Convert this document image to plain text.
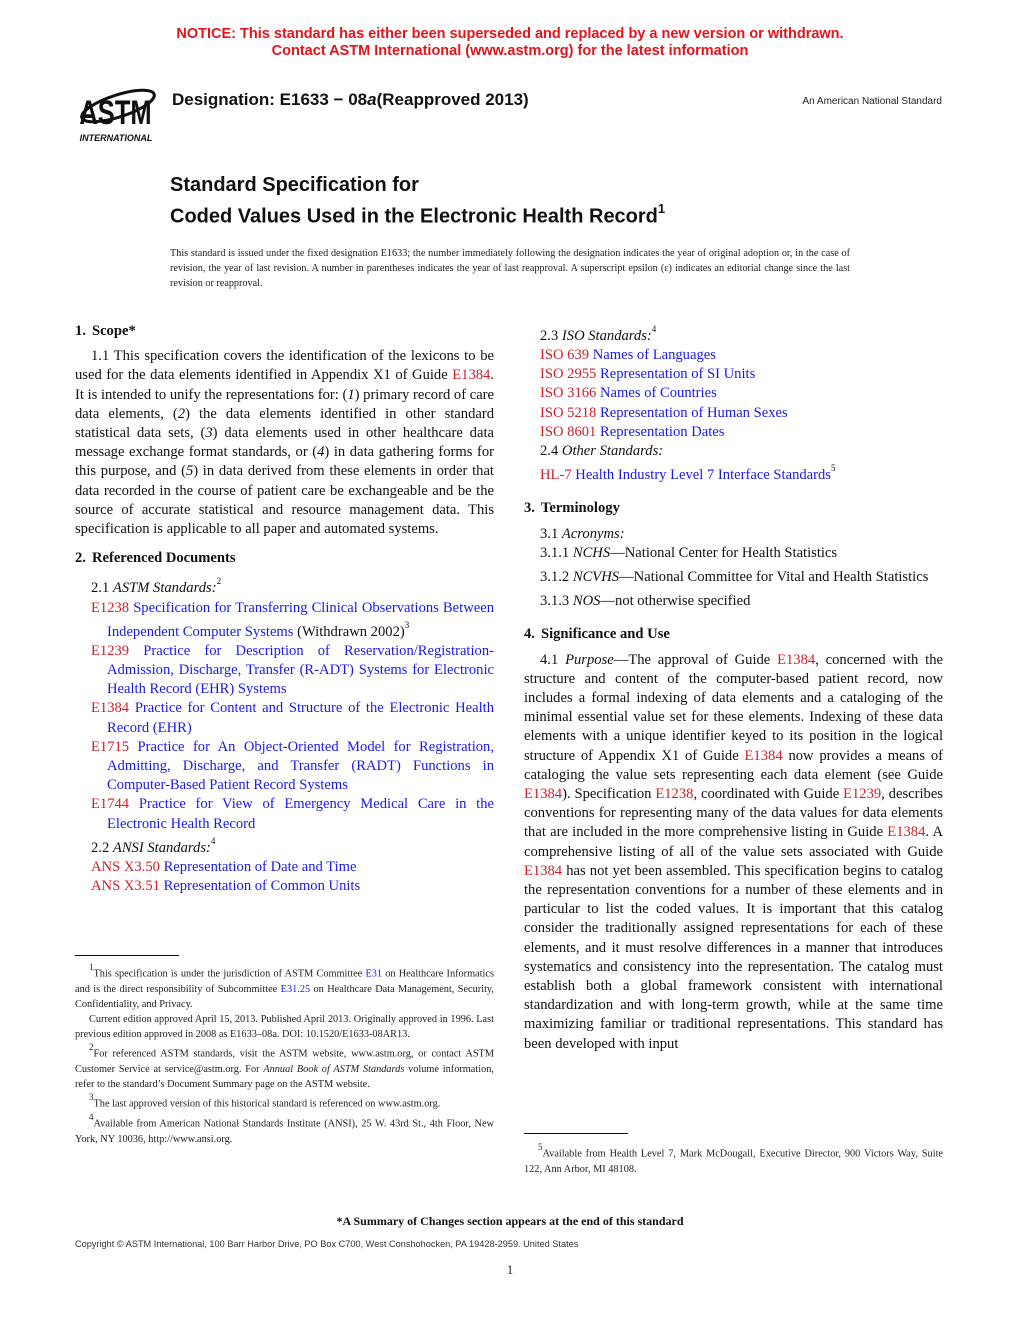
NOTICE: This standard has either been superseded and replaced by a new version or withdrawn.
Contact ASTM International (www.astm.org) for the latest information
ASTM
INTERNATIONAL
Designation: E1633 − 08a(Reapproved 2013)	An American National Standard
Standard Specification for
Coded Values Used in the Electronic Health Record$^1$
This standard is issued under the fixed designation E1633; the number immediately following the designation indicates the year of original adoption or, in the case of revision, the year of last revision. A number in parentheses indicates the year of last reapproval. A superscript epsilon (ε) indicates an editorial change since the last revision or reapproval.
1. Scope*

1.1 This specification covers the identification of the lexicons to be used for the data elements identified in Appendix X1 of Guide E1384. It is intended to unify the representations for: (1) primary record of care data elements, (2) the data elements identified in other standard statistical data sets, (3) data elements used in other healthcare data message exchange format standards, or (4) in data gathering forms for this purpose, and (5) in data derived from these elements in order that data recorded in the course of patient care be exchangeable and be the source of accurate statistical and resource management data. This specification is applicable to all paper and automated systems.

2. Referenced Documents

2.1 ASTM Standards:$^2$

E1238 Specification for Transferring Clinical Observations Between Independent Computer Systems (Withdrawn 2002)$^3$

E1239 Practice for Description of Reservation/Registration-Admission, Discharge, Transfer (R-ADT) Systems for Electronic Health Record (EHR) Systems

E1384 Practice for Content and Structure of the Electronic Health Record (EHR)

E1715 Practice for An Object-Oriented Model for Registration, Admitting, Discharge, and Transfer (RADT) Functions in Computer-Based Patient Record Systems

E1744 Practice for View of Emergency Medical Care in the Electronic Health Record

2.2 ANSI Standards:$^4$

ANS X3.50 Representation of Date and Time

ANS X3.51 Representation of Common Units

$^1$This specification is under the jurisdiction of ASTM Committee E31 on Healthcare Informatics and is the direct responsibility of Subcommittee E31.25 on Healthcare Data Management, Security, Confidentiality, and Privacy.

Current edition approved April 15, 2013. Published April 2013. Originally approved in 1996. Last previous edition approved in 2008 as E1633–08a. DOI: 10.1520/E1633-08AR13.

$^2$For referenced ASTM standards, visit the ASTM website, www.astm.org, or contact ASTM Customer Service at service@astm.org. For Annual Book of ASTM Standards volume information, refer to the standard’s Document Summary page on the ASTM website.

$^3$The last approved version of this historical standard is referenced on www.astm.org.

$^4$Available from American National Standards Institute (ANSI), 25 W. 43rd St., 4th Floor, New York, NY 10036, http://www.ansi.org.

2.3 ISO Standards:$^4$

ISO 639 Names of Languages

ISO 2955 Representation of SI Units

ISO 3166 Names of Countries

ISO 5218 Representation of Human Sexes

ISO 8601 Representation Dates

2.4 Other Standards:

HL-7 Health Industry Level 7 Interface Standards$^5$

3. Terminology

3.1 Acronyms:

3.1.1 NCHS—National Center for Health Statistics

3.1.2 NCVHS—National Committee for Vital and Health Statistics

3.1.3 NOS—not otherwise specified

4. Significance and Use

4.1 Purpose—The approval of Guide E1384, concerned with the structure and content of the computer-based patient record, now includes a formal indexing of data elements and a cataloging of the minimal essential value set for these elements. Indexing of these data elements with a unique identifier keyed to its position in the logical structure of Appendix X1 of Guide E1384 now provides a means of cataloging the value sets representing each data element (see Guide E1384). Specification E1238, coordinated with Guide E1239, describes conventions for representing many of the data values for data elements that are included in the more comprehensive listing in Guide E1384. A comprehensive listing of all of the value sets associated with Guide E1384 has not yet been assembled. This specification begins to catalog the representation conventions for a number of these elements and in particular to list the coded values. It is important that this catalog consider the traditionally assigned representations for each of these elements, and it must resolve differences in a manner that introduces systematics and consistency into the representation. The catalog must establish both a global framework consistent with international standardization and with long-term growth, while at the same time maximizing familiar or traditional representations. This standard has been developed with input

$^5$Available from Health Level 7, Mark McDougall, Executive Director, 900 Victors Way, Suite 122, Ann Arbor, MI 48108.

*A Summary of Changes section appears at the end of this standard
Copyright © ASTM International, 100 Barr Harbor Drive, PO Box C700, West Conshohocken, PA 19428-2959. United States
1
